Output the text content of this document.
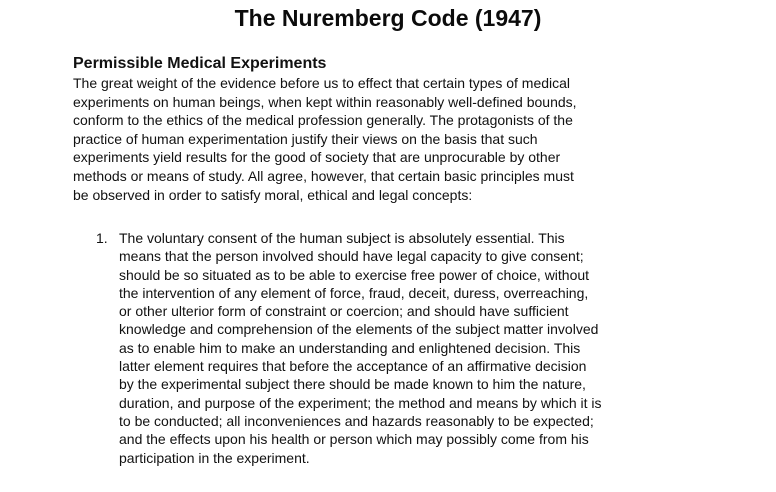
The Nuremberg Code (1947)
Permissible Medical Experiments

The great weight of the evidence before us to effect that certain types of medical
experiments on human beings, when kept within reasonably well-defined bounds,
conform to the ethics of the medical profession generally. The protagonists of the
practice of human experimentation justify their views on the basis that such
experiments yield results for the good of society that are unprocurable by other
methods or means of study. All agree, however, that certain basic principles must
be observed in order to satisfy moral, ethical and legal concepts:

1. The voluntary consent of the human subject is absolutely essential. This
means that the person involved should have legal capacity to give consent;
should be so situated as to be able to exercise free power of choice, without
the intervention of any element of force, fraud, deceit, duress, overreaching,
or other ulterior form of constraint or coercion; and should have sufficient
knowledge and comprehension of the elements of the subject matter involved
as to enable him to make an understanding and enlightened decision. This
latter element requires that before the acceptance of an affirmative decision
by the experimental subject there should be made known to him the nature,
duration, and purpose of the experiment; the method and means by which it is
to be conducted; all inconveniences and hazards reasonably to be expected;
and the effects upon his health or person which may possibly come from his
participation in the experiment.
